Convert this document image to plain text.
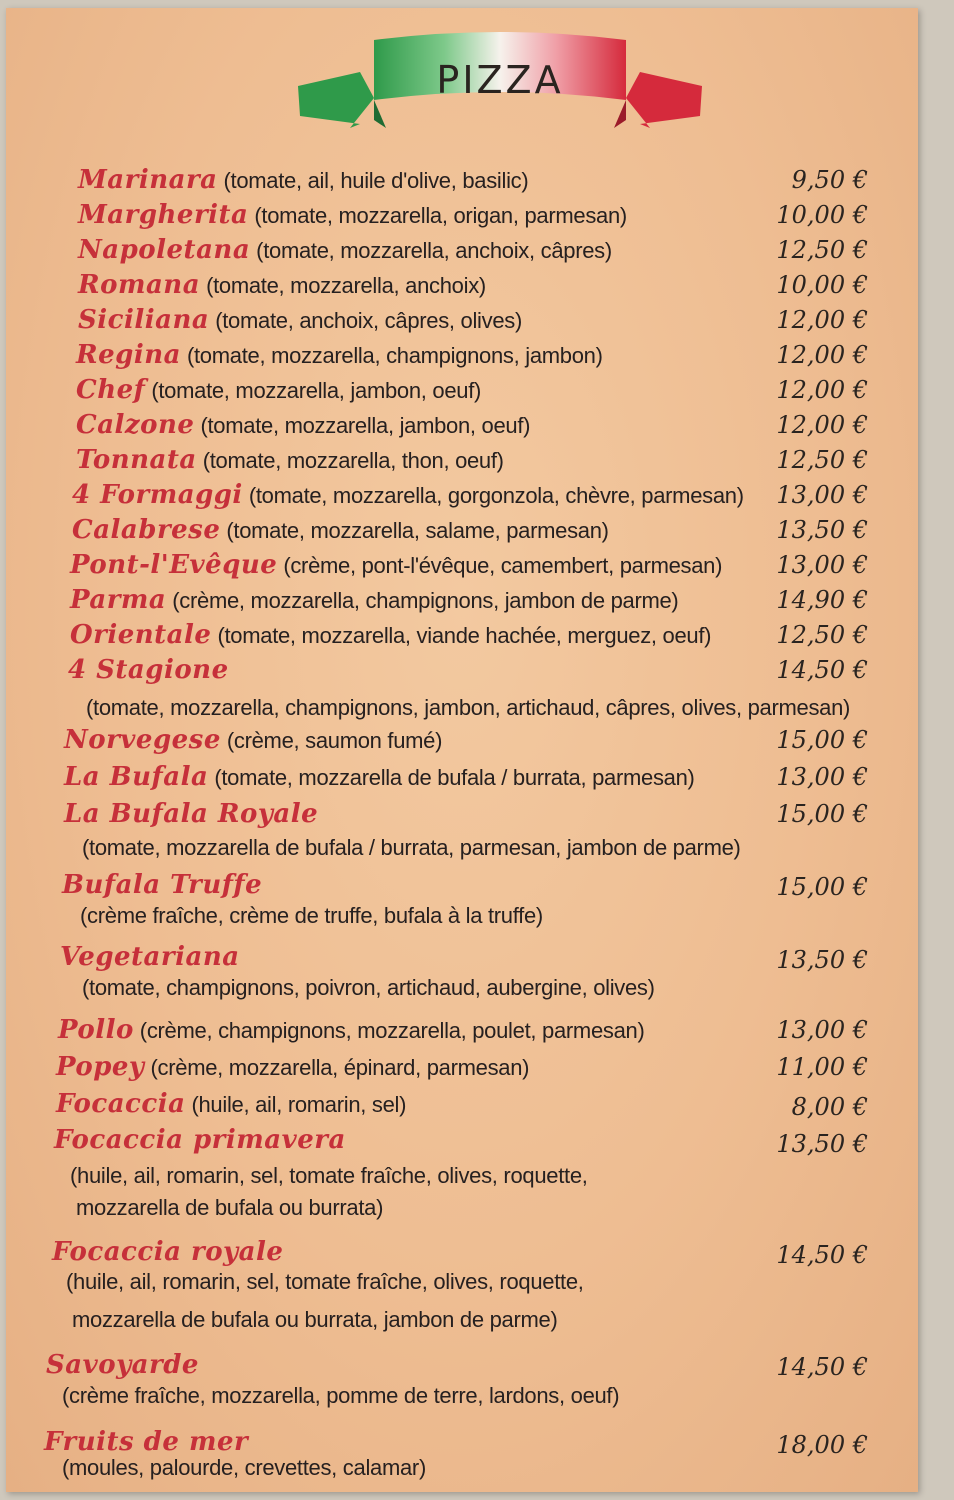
PIZZA
Marinara (tomate, ail, huile d'olive, basilic)	9,50 €
Margherita (tomate, mozzarella, origan, parmesan)	10,00 €
Napoletana (tomate, mozzarella, anchoix, câpres)	12,50 €
Romana (tomate, mozzarella, anchoix)	10,00 €
Siciliana (tomate, anchoix, câpres, olives)	12,00 €
Regina (tomate, mozzarella, champignons, jambon)	12,00 €
Chef (tomate, mozzarella, jambon, oeuf)	12,00 €
Calzone (tomate, mozzarella, jambon, oeuf)	12,00 €
Tonnata (tomate, mozzarella, thon, oeuf)	12,50 €
4 Formaggi (tomate, mozzarella, gorgonzola, chèvre, parmesan) 13,00 €
Calabrese (tomate, mozzarella, salame, parmesan)	13,50 €
Pont-l'Evêque (crème, pont-l'évêque, camembert, parmesan) 13,00 €
Parma (crème, mozzarella, champignons, jambon de parme)	14,90 €
Orientale (tomate, mozzarella, viande hachée, merguez, oeuf)	12,50 €
4 Stagione	14,50 €
(tomate, mozzarella, champignons, jambon, artichaud, câpres, olives, parmesan)
Norvegese (crème, saumon fumé)	15,00 €
La Bufala (tomate, mozzarella de bufala / burrata, parmesan)	13,00 €
La Bufala Royale	15,00 €
(tomate, mozzarella de bufala / burrata, parmesan, jambon de parme)
Bufala Truffe	15,00 €
(crème fraîche, crème de truffe, bufala à la truffe)
Vegetariana	13,50 €
(tomate, champignons, poivron, artichaud, aubergine, olives)
Pollo (crème, champignons, mozzarella, poulet, parmesan)	13,00 €
Popey (crème, mozzarella, épinard, parmesan)	11,00 €
Focaccia (huile, ail, romarin, sel)	8,00 €
Focaccia primavera	13,50 €
(huile, ail, romarin, sel, tomate fraîche, olives, roquette,
mozzarella de bufala ou burrata)
Focaccia royale	14,50 €
(huile, ail, romarin, sel, tomate fraîche, olives, roquette,
mozzarella de bufala ou burrata, jambon de parme)
Savoyarde	14,50 €
(crème fraîche, mozzarella, pomme de terre, lardons, oeuf)
Fruits de mer	18,00 €
(moules, palourde, crevettes, calamar)
